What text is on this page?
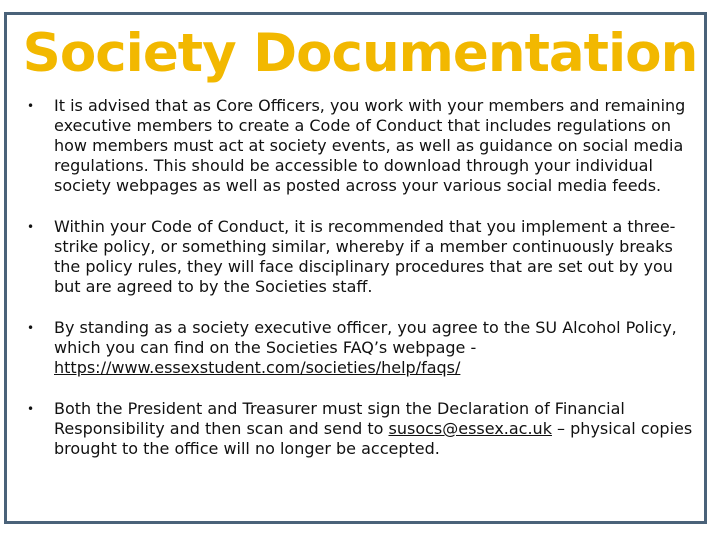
Society Documentation
• It is advised that as Core Officers, you work with your members and remaining executive members to create a Code of Conduct that includes regulations on how members must act at society events, as well as guidance on social media regulations. This should be accessible to download through your individual society webpages as well as posted across your various social media feeds.
• Within your Code of Conduct, it is recommended that you implement a three-strike policy, or something similar, whereby if a member continuously breaks the policy rules, they will face disciplinary procedures that are set out by you but are agreed to by the Societies staff.
• By standing as a society executive officer, you agree to the SU Alcohol Policy, which you can find on the Societies FAQ’s webpage - https://www.essexstudent.com/societies/help/faqs/
• Both the President and Treasurer must sign the Declaration of Financial Responsibility and then scan and send to susocs@essex.ac.uk – physical copies brought to the office will no longer be accepted.
